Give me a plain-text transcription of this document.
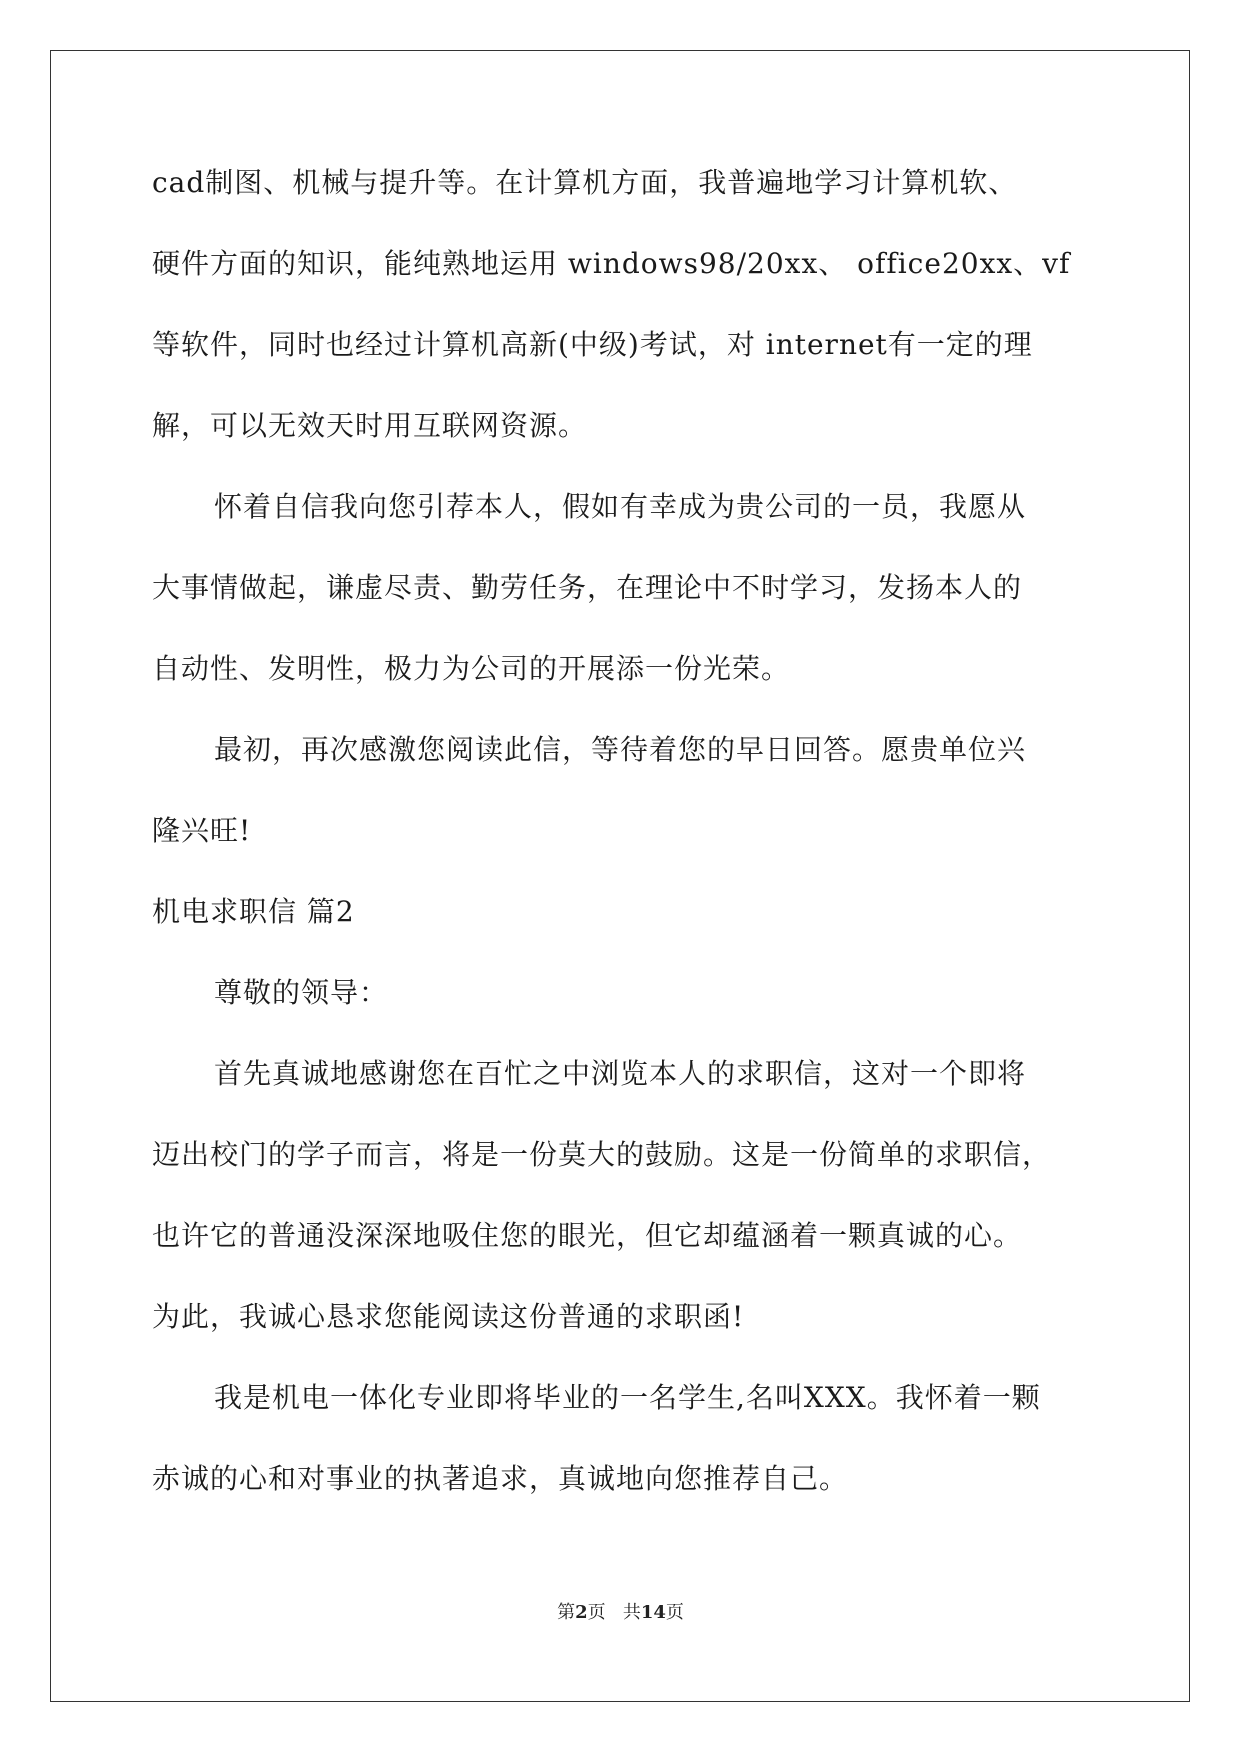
cad制图、机械与提升等。在计算机方面，我普遍地学习计算机软、
硬件方面的知识，能纯熟地运用 windows98/20xx、 office20xx、vf
等软件，同时也经过计算机高新(中级)考试，对 internet有一定的理
解，可以无效天时用互联网资源。
怀着自信我向您引荐本人，假如有幸成为贵公司的一员，我愿从
大事情做起，谦虚尽责、勤劳任务，在理论中不时学习，发扬本人的
自动性、发明性，极力为公司的开展添一份光荣。
最初，再次感激您阅读此信，等待着您的早日回答。愿贵单位兴
隆兴旺!
机电求职信 篇2
尊敬的领导：
首先真诚地感谢您在百忙之中浏览本人的求职信，这对一个即将
迈出校门的学子而言，将是一份莫大的鼓励。这是一份简单的求职信，
也许它的普通没深深地吸住您的眼光，但它却蕴涵着一颗真诚的心。
为此，我诚心恳求您能阅读这份普通的求职函!
我是机电一体化专业即将毕业的一名学生,名叫XXX。我怀着一颗
赤诚的心和对事业的执著追求，真诚地向您推荐自己。
第2页 共14页
